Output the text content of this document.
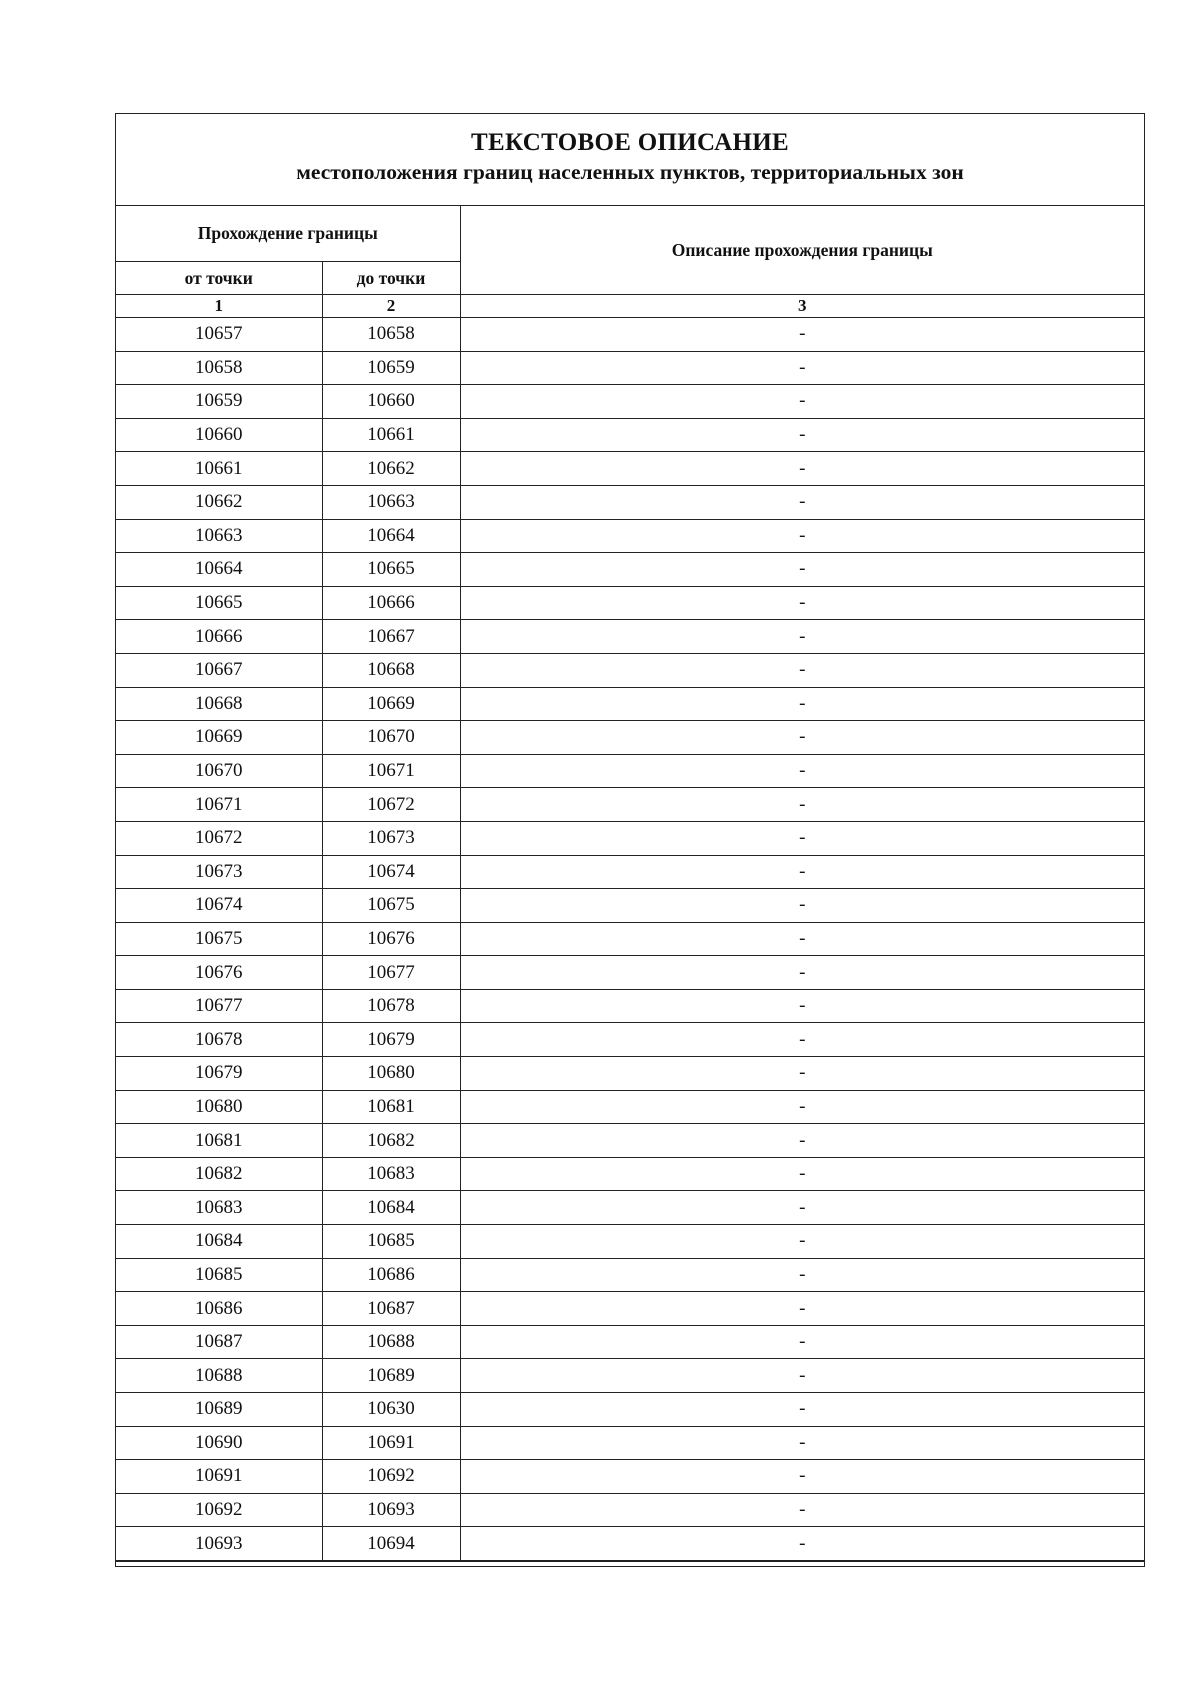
ТЕКСТОВОЕ ОПИСАНИЕ
местоположения границ населенных пунктов, территориальных зон
Прохождение границы		Описание прохождения границы
от точки	до точки	
1	2	3
10657	10658	-
10658	10659	-
10659	10660	-
10660	10661	-
10661	10662	-
10662	10663	-
10663	10664	-
10664	10665	-
10665	10666	-
10666	10667	-
10667	10668	-
10668	10669	-
10669	10670	-
10670	10671	-
10671	10672	-
10672	10673	-
10673	10674	-
10674	10675	-
10675	10676	-
10676	10677	-
10677	10678	-
10678	10679	-
10679	10680	-
10680	10681	-
10681	10682	-
10682	10683	-
10683	10684	-
10684	10685	-
10685	10686	-
10686	10687	-
10687	10688	-
10688	10689	-
10689	10630	-
10690	10691	-
10691	10692	-
10692	10693	-
10693	10694	-
